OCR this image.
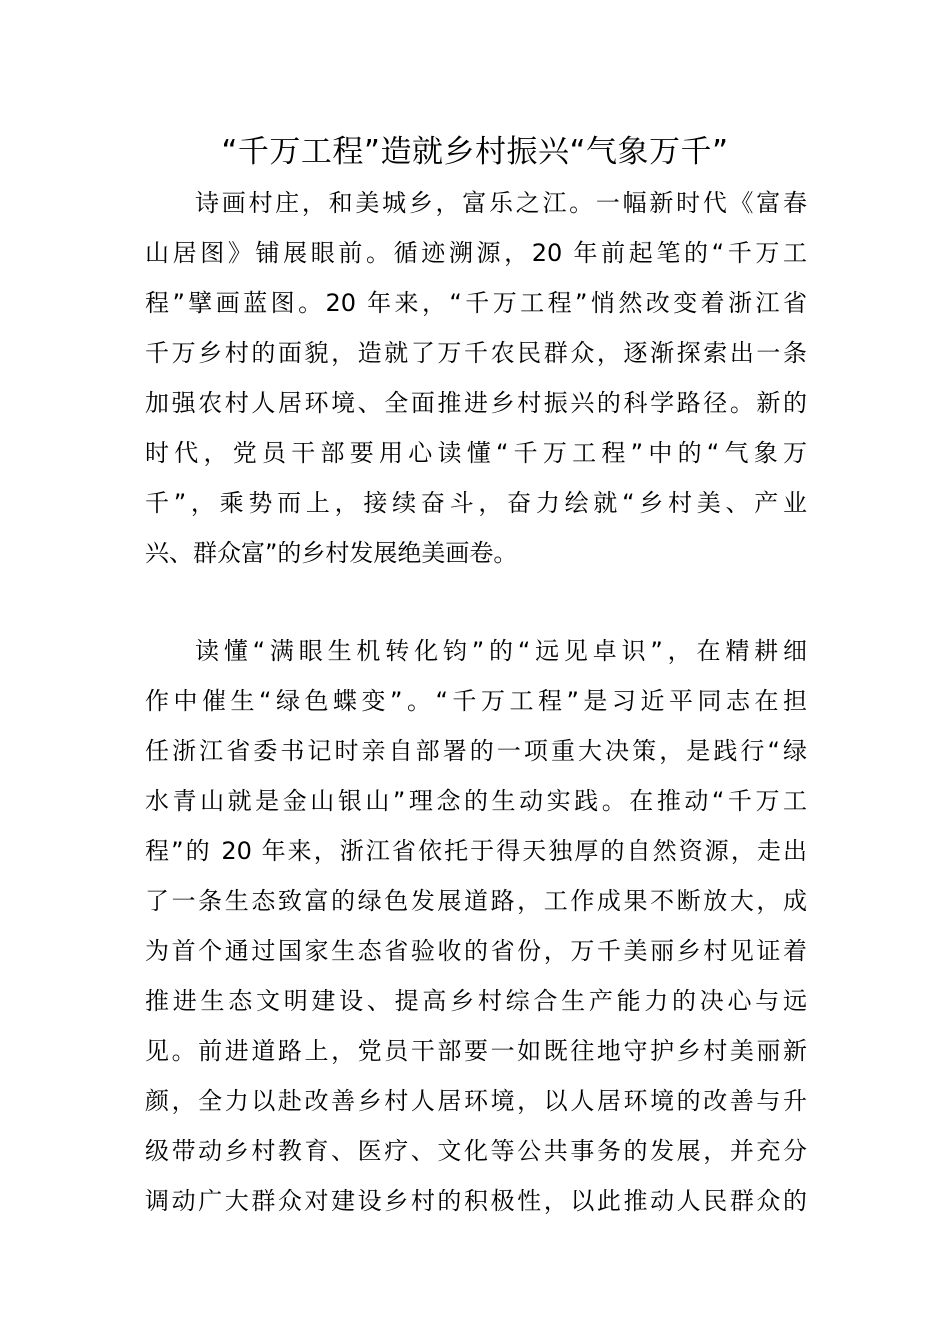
“千万工程”造就乡村振兴“气象万千”
诗画村庄，和美城乡，富乐之江。一幅新时代《富春
山居图》铺展眼前。循迹溯源，20 年前起笔的“千万工
程”擘画蓝图。20 年来，“千万工程”悄然改变着浙江省
千万乡村的面貌，造就了万千农民群众，逐渐探索出一条
加强农村人居环境、全面推进乡村振兴的科学路径。新的
时代，党员干部要用心读懂“千万工程”中的“气象万
千”，乘势而上，接续奋斗，奋力绘就“乡村美、产业
兴、群众富”的乡村发展绝美画卷。
读懂“满眼生机转化钧”的“远见卓识”，在精耕细
作中催生“绿色蝶变”。“千万工程”是习近平同志在担
任浙江省委书记时亲自部署的一项重大决策，是践行“绿
水青山就是金山银山”理念的生动实践。在推动“千万工
程”的 20 年来，浙江省依托于得天独厚的自然资源，走出
了一条生态致富的绿色发展道路，工作成果不断放大，成
为首个通过国家生态省验收的省份，万千美丽乡村见证着
推进生态文明建设、提高乡村综合生产能力的决心与远
见。前进道路上，党员干部要一如既往地守护乡村美丽新
颜，全力以赴改善乡村人居环境，以人居环境的改善与升
级带动乡村教育、医疗、文化等公共事务的发展，并充分
调动广大群众对建设乡村的积极性，以此推动人民群众的
